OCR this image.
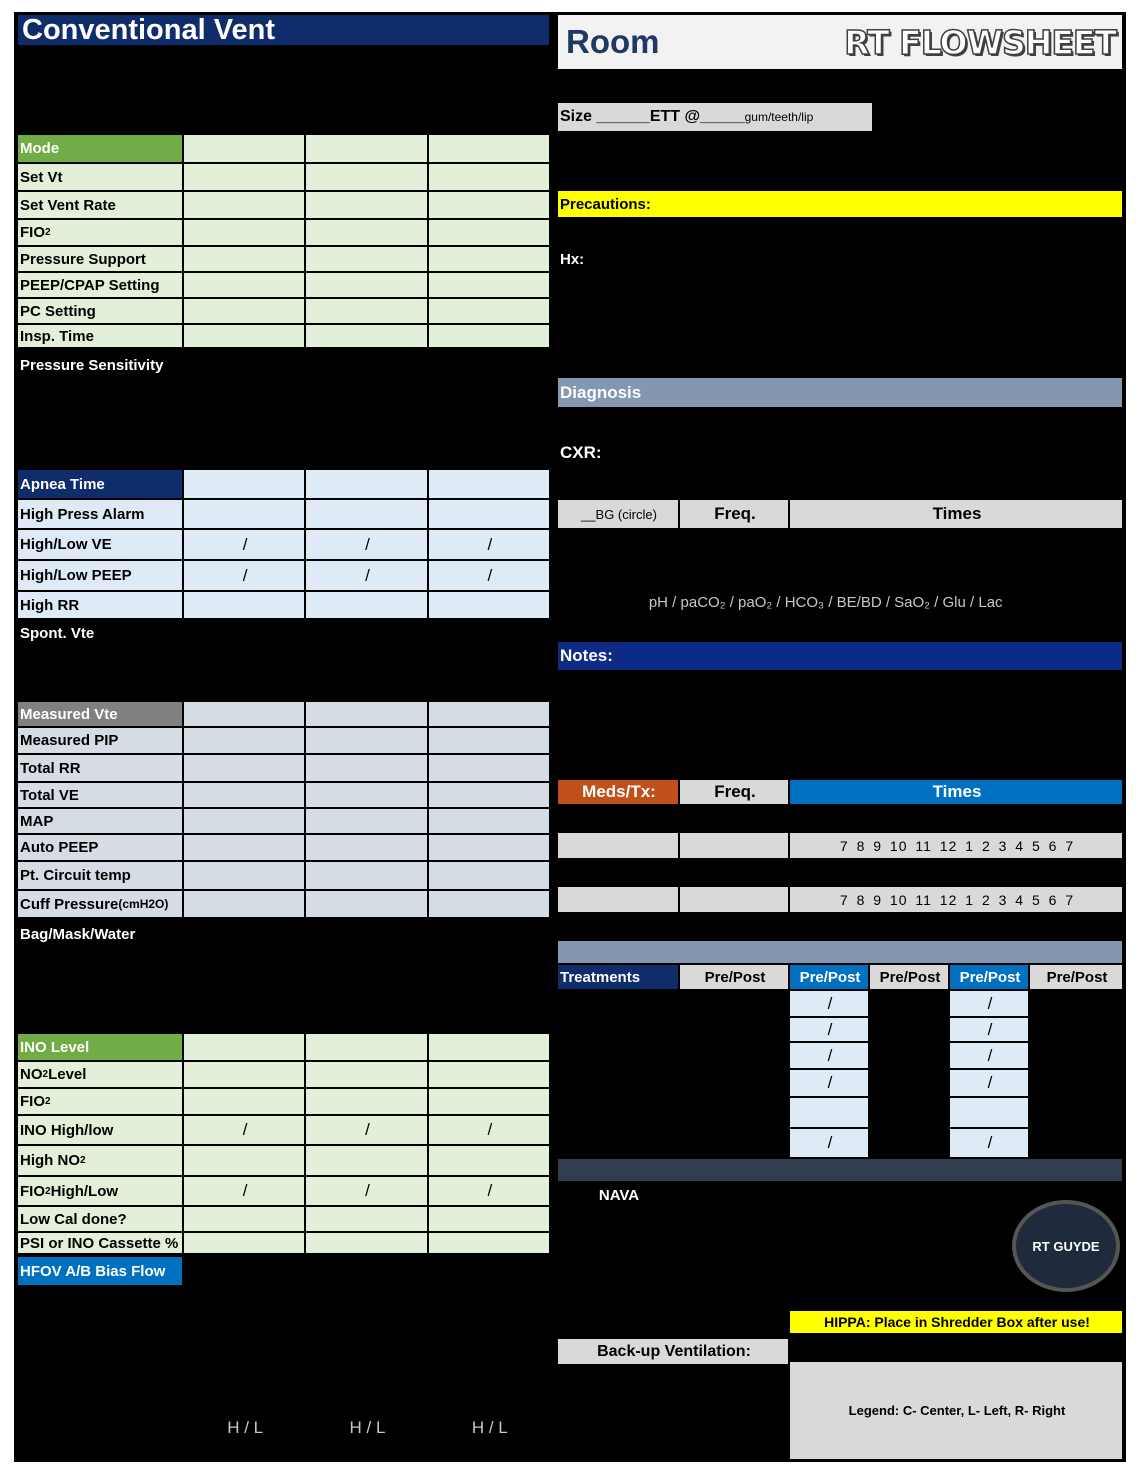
Conventional Vent
Time
ETT depth /position	/ L C R	/ L C R	/ L C R
Vent Brand / Vent #
Mode
Set Vt
Set Vent Rate
FIO 2
Pressure Support
PEEP/CPAP Setting
PC Setting
Insp. Time
Pressure Sensitivity
Flow Sensitivity
Insp. Rise Time
% Insp. Cycle off
Apnea Time
High Press Alarm
High/Low VE	/	/	/
High/Low PEEP	/	/	/
High RR
Spont. Vte
Spont RR
Spont VE
Measured Vte
Measured PIP
Total RR
Total VE
MAP
Auto PEEP
Pt. Circuit temp
Cuff Pressure (cmH2O)
Bag/Mask/Water	□ / □ / □	□ / □ / □	□ / □ / □
Breath Sounds
O 2 Sats
ETCO 2 / TcCO 2
INO Level
NO 2 Level
FIO 2
INO High/low	/	/	/
High NO 2
FIO 2 High/Low	/	/	/
Low Cal done?
PSI or INO Cassette %
HFOV A/B Bias Flow
Hertz
MAP
Amp
Power
IT
MAP Alarm H/L	H / L	H / L	H / L
Room	RT FLOWSHEET
Age:	Wt:	kg	Ht:	cm
Size ______ETT @_____ gum/teeth/lip
Appliance:
Trach Type:	Size:
Cuffed / Uncuffed
Current Settings:
Precautions:
Code Status:
Hx:
Diagnosis
CXR:
__BG (circle)	Freq.	Times
Lyts Co-ox Lac Glu	7 8 9 10 11 12 1 2 3 4 5 6 7
Lyts Co-ox Lac Glu	7 8 9 10 11 12 1 2 3 4 5 6 7
Last BG: pH / paCO₂ / paO₂ / HCO₃ / BE/BD / SaO₂ / Glu / Lac
Notes:
Meds/Tx:	Freq.	Times
7 8 9 10 11 12 1 2 3 4 5 6 7
7 8 9 10 11 12 1 2 3 4 5 6 7
7 8 9 10 11 12 1 2 3 4 5 6 7
7 8 9 10 11 12 1 2 3 4 5 6 7
7 8 9 10 11 12 1 2 3 4 5 6 7
Treatments	Pre/Post	Pre/Post	Pre/Post	Pre/Post	Pre/Post
Time	/	/	/	/	/
HR	/	/	/	/	/
RR	/	/	/	/	/
SPO2	/	/	/	/	/
Appliance
BS	/	/	/	/	/
NAVA	Oral/Nasal
Size Fr Depth cm
Edi Peak	/ /
Edi Min	/ /
Edi Trigger	/ /
NAVA Level	/ /
Back-up Ventilation:
PC_____ RR_____ IT_____
Patient Label	RT GUYDE
HIPPA: Place in Shredder Box after use!
RN	MD
Legend: C- Center, L- Left, R- Right
